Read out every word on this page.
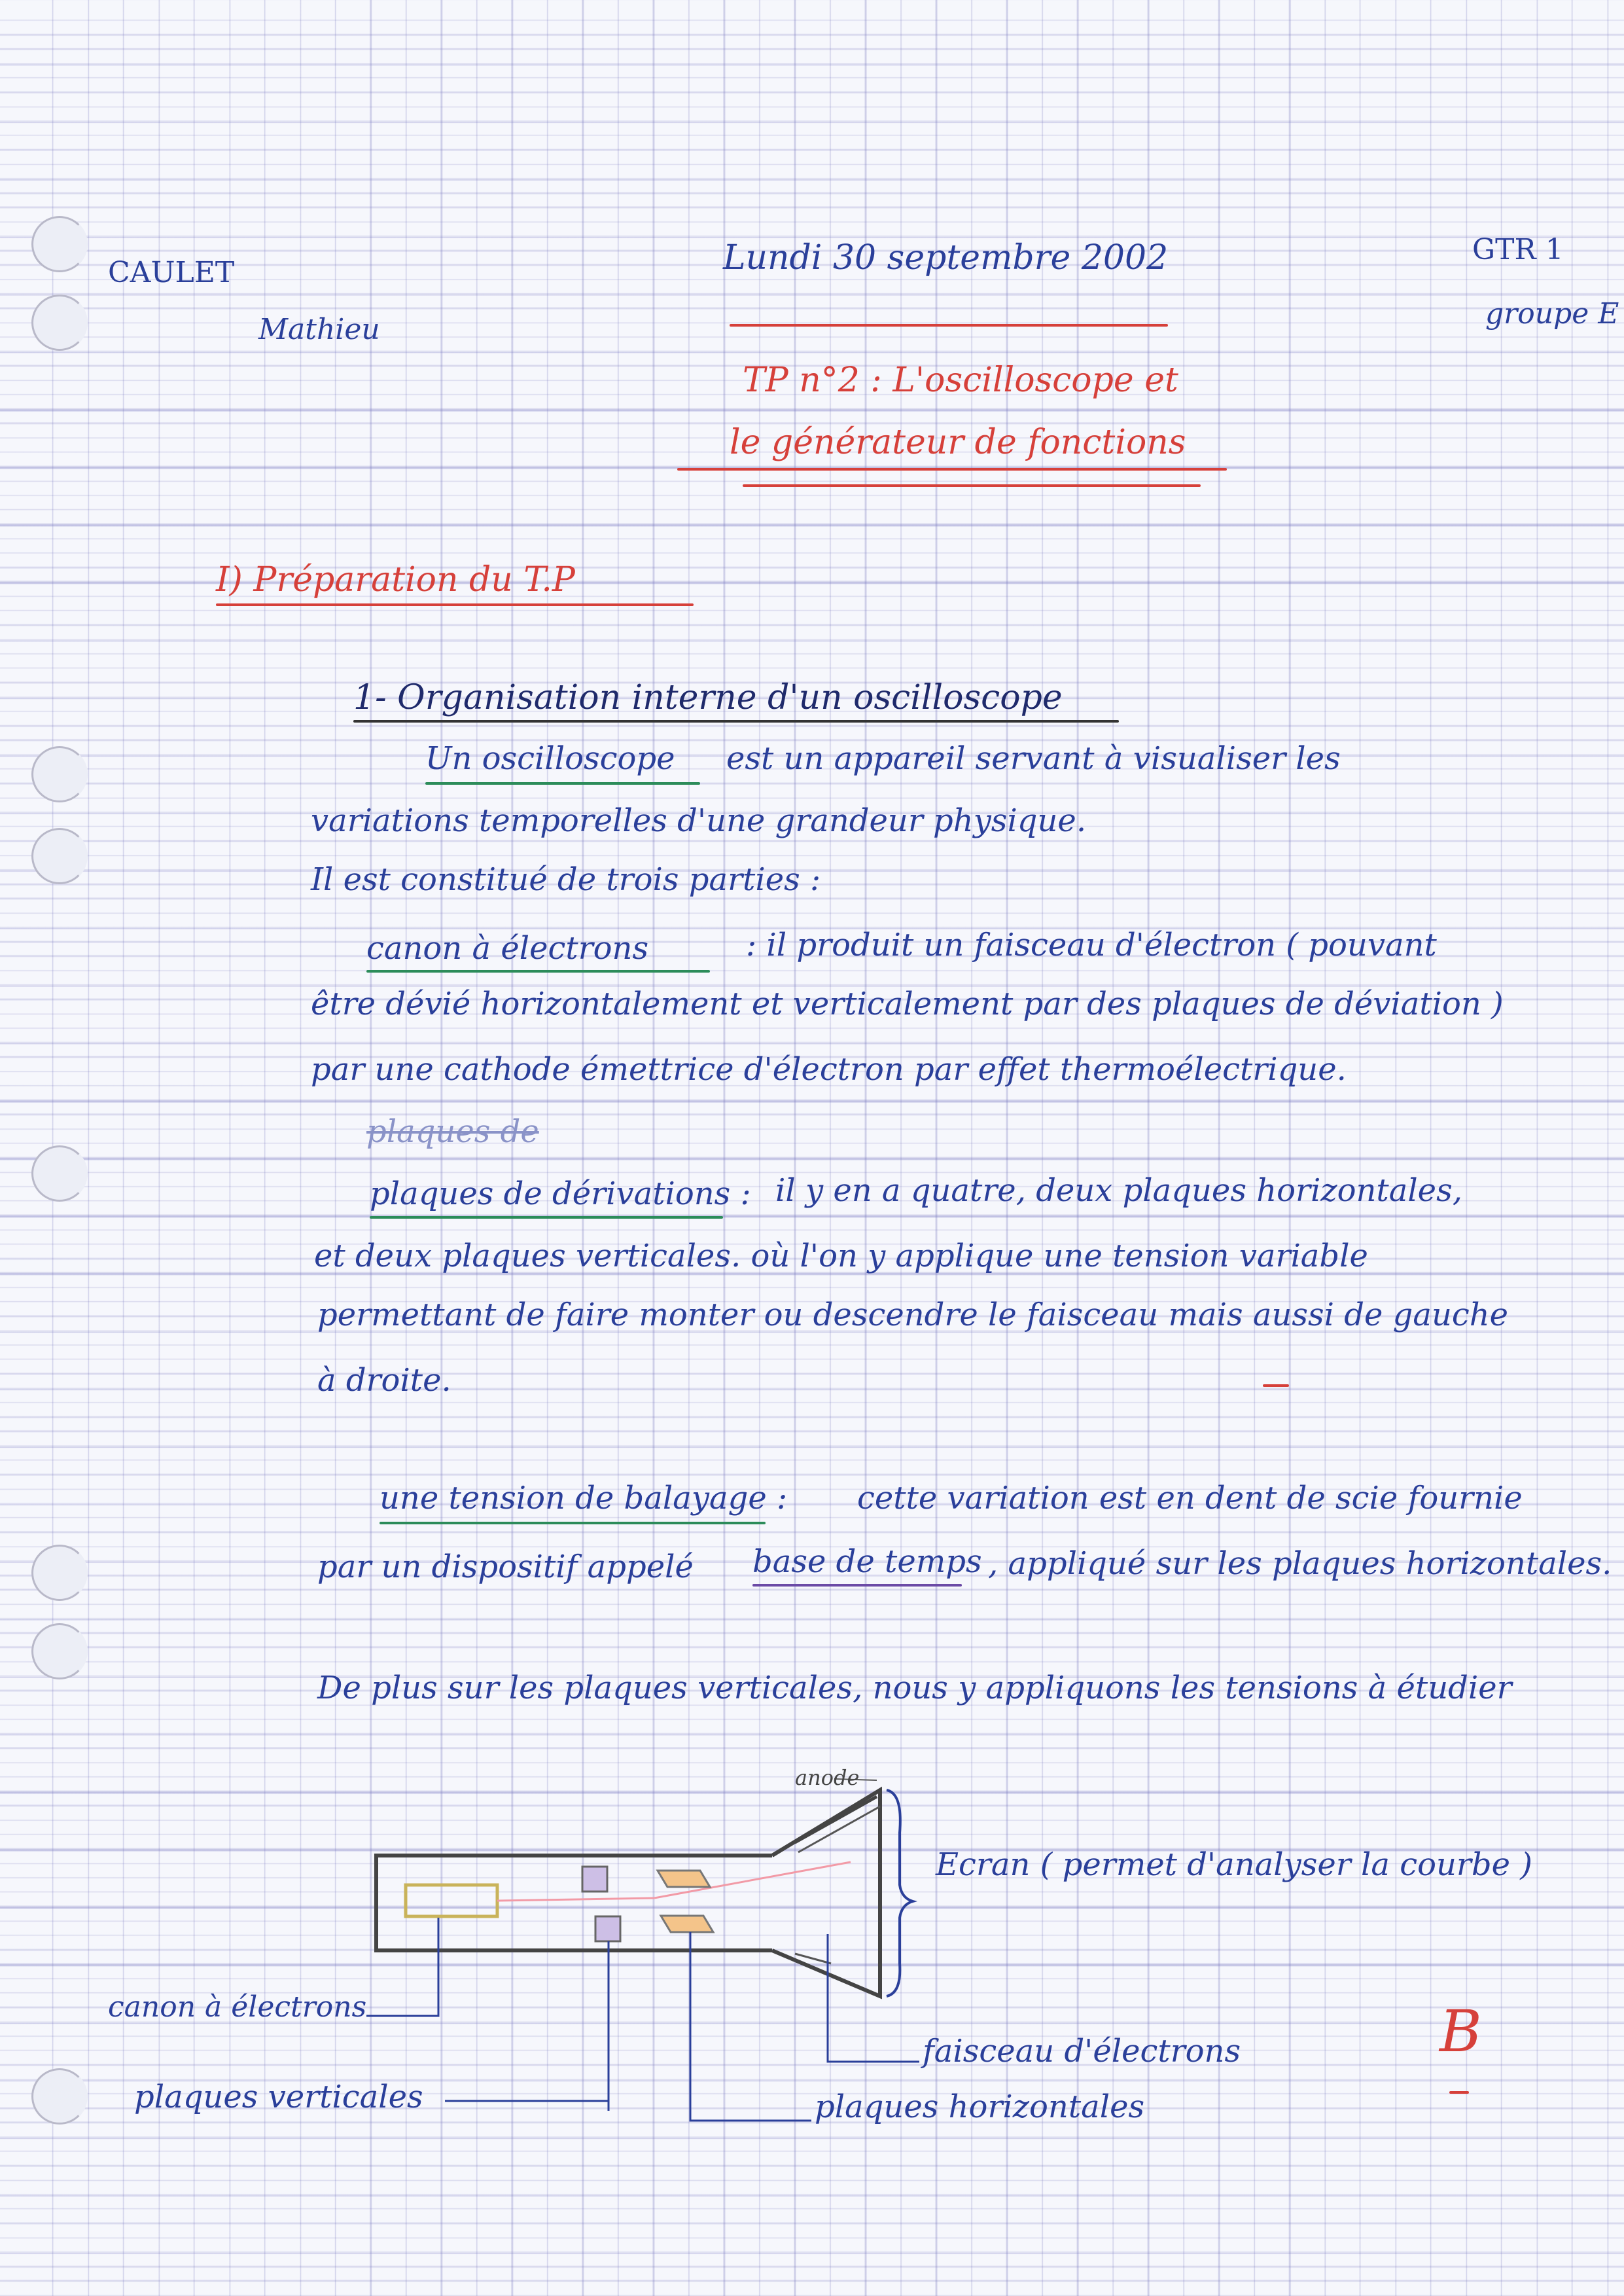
CAULET
Mathieu
Lundi 30 septembre 2002	GTR 1
groupe E
TP n°2 : L'oscilloscope et
le générateur de fonctions
I) Préparation du T.P
1- Organisation interne d'un oscilloscope
Un oscilloscope est un appareil servant à visualiser les
variations temporelles d'une grandeur physique.
Il est constitué de trois parties :
canon à électrons	: il produit un faisceau d'électron ( pouvant
être dévié horizontalement et verticalement par des plaques de déviation )
par une cathode émettrice d'électron par effet thermoélectrique.
plaques de
plaques de dérivations : il y en a quatre, deux plaques horizontales,
et deux plaques verticales. où l'on y applique une tension variable
permettant de faire monter ou descendre le faisceau mais aussi de gauche
à droite.
une tension de balayage : cette variation est en dent de scie fournie
par un dispositif appelé base de temps , appliqué sur les plaques horizontales.
De plus sur les plaques verticales, nous y appliquons les tensions à étudier
anode
Ecran ( permet d'analyser la courbe )
canon à électrons
plaques verticales
faisceau d'électrons
plaques horizontales
B
